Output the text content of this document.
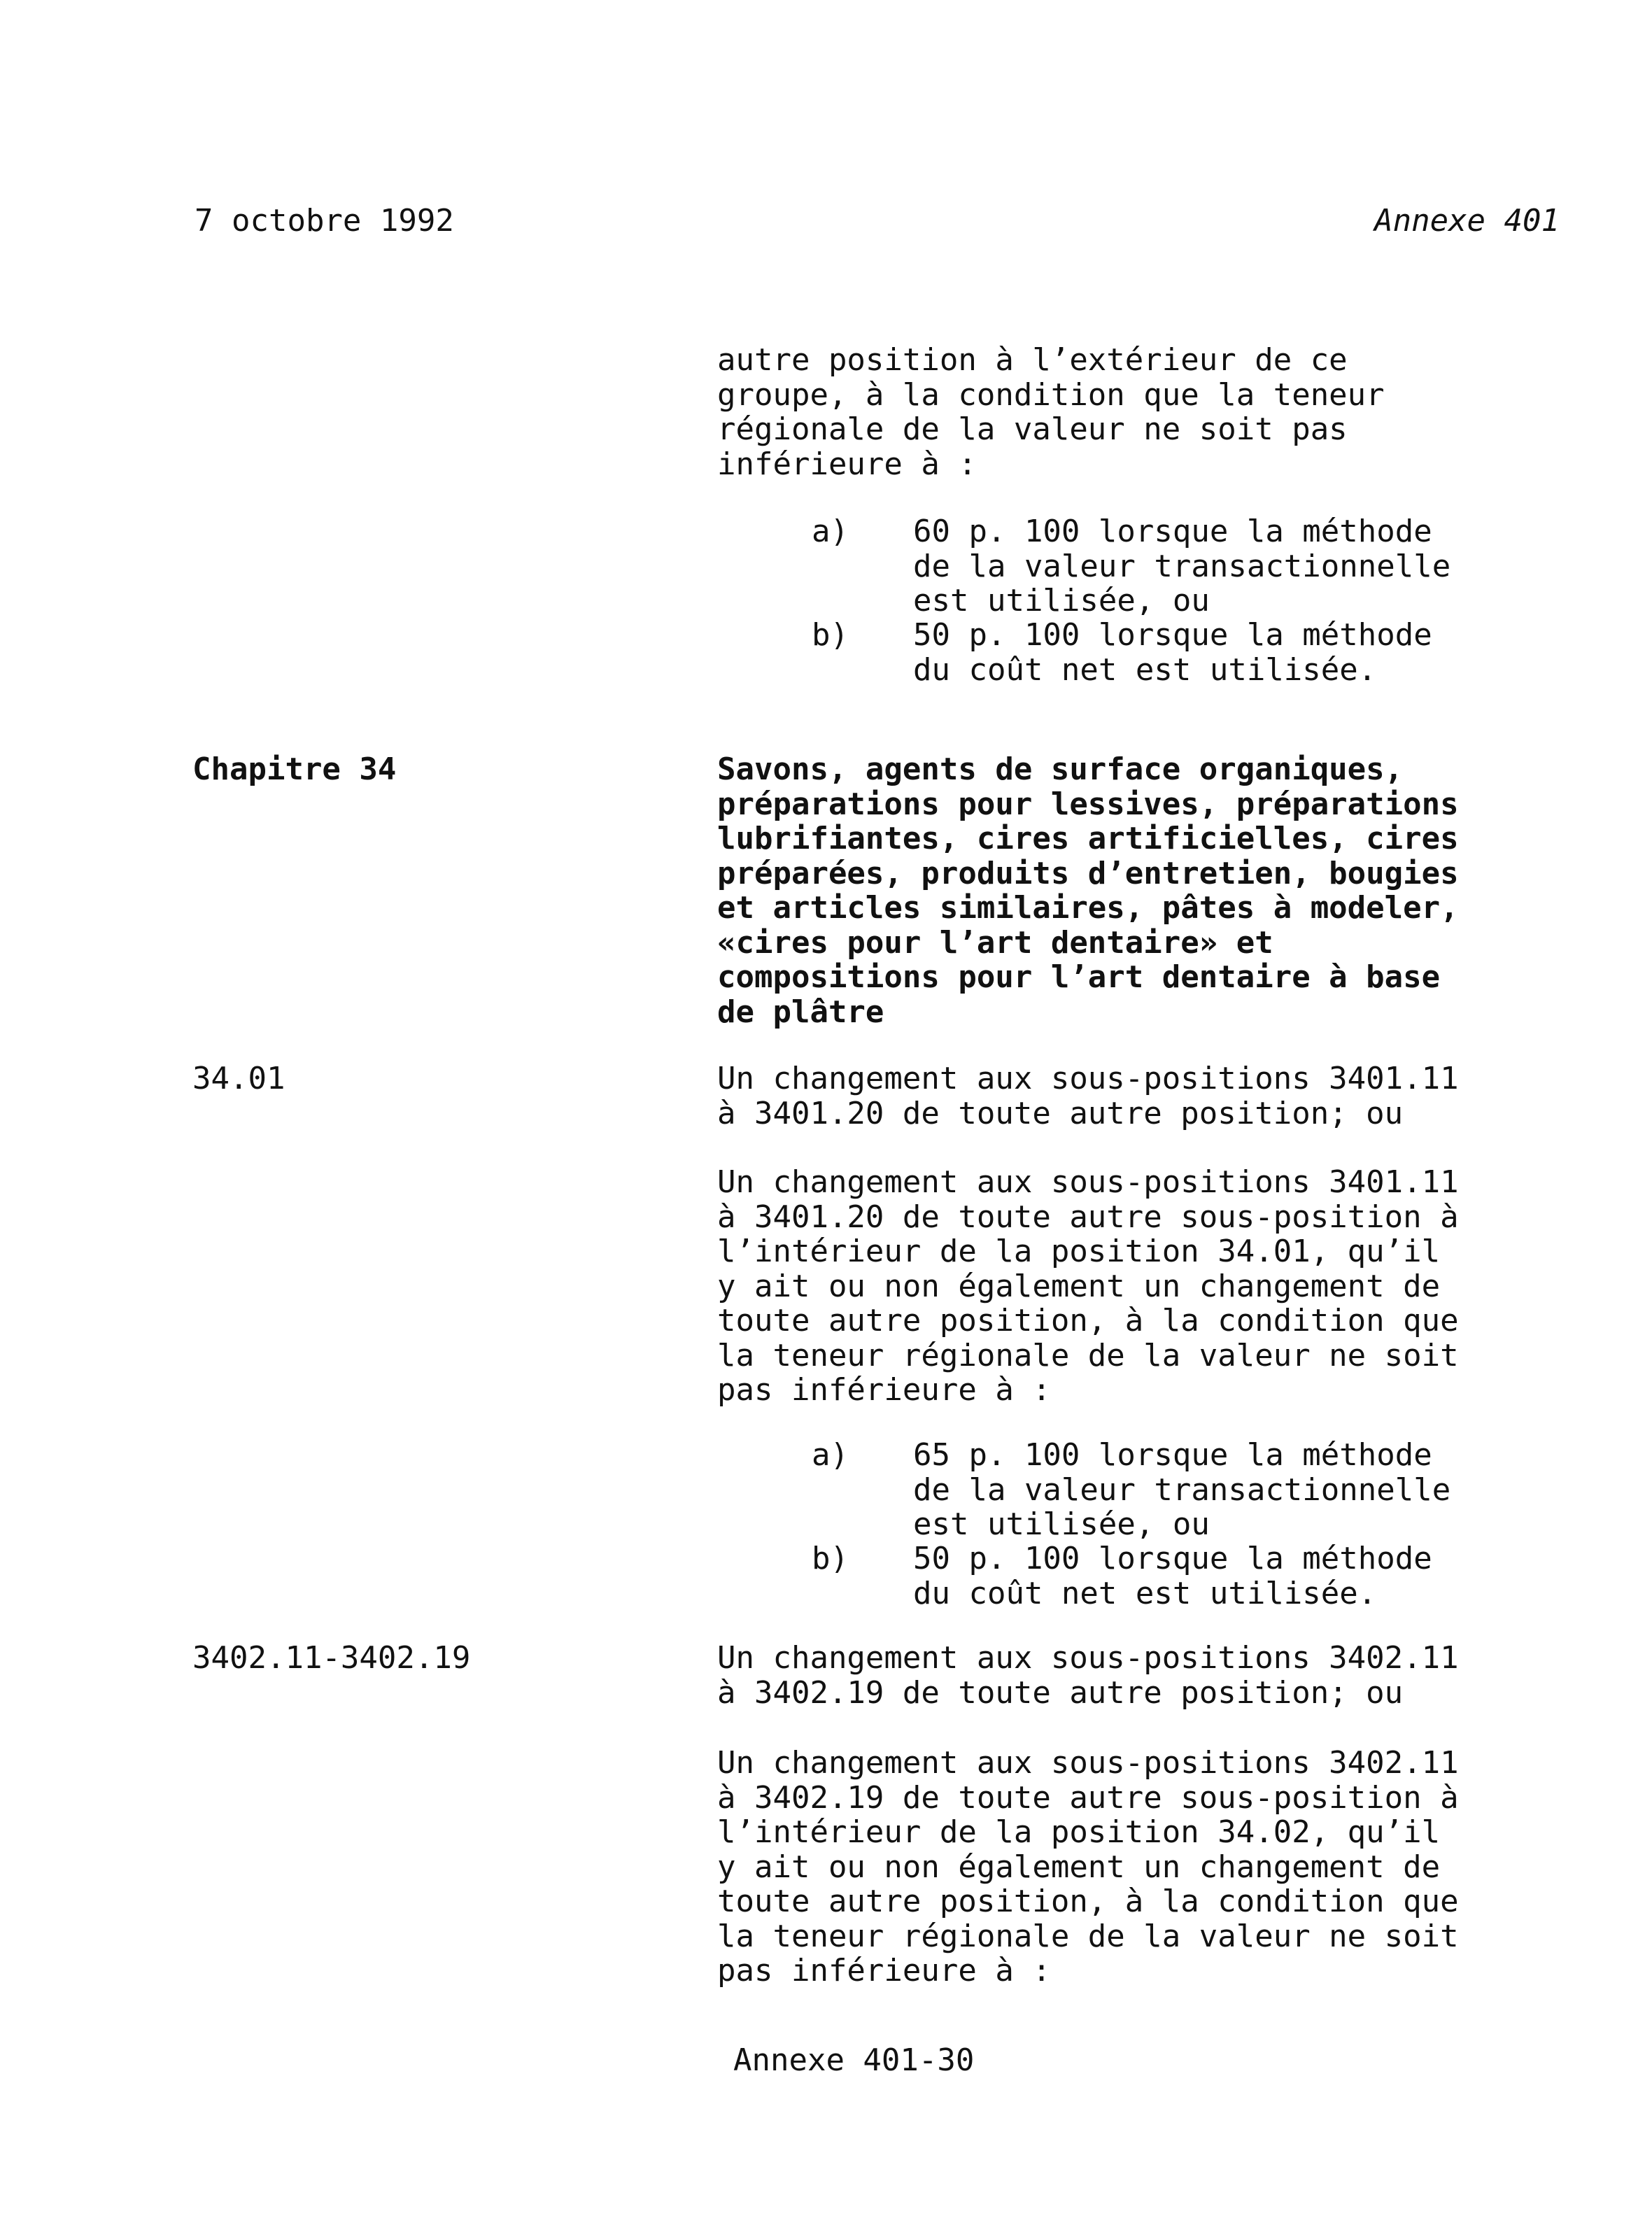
7 octobre 1992	Annexe 401
autre position à l’extérieur de ce
groupe, à la condition que la teneur
régionale de la valeur ne soit pas
inférieure à :
a) 60 p. 100 lorsque la méthode
de la valeur transactionnelle
est utilisée, ou
b) 50 p. 100 lorsque la méthode
du coût net est utilisée.
Chapitre 34	Savons, agents de surface organiques,
préparations pour lessives, préparations
lubrifiantes, cires artificielles, cires
préparées, produits d’entretien, bougies
et articles similaires, pâtes à modeler,
«cires pour l’art dentaire» et
compositions pour l’art dentaire à base
de plâtre
34.01	Un changement aux sous-positions 3401.11
à 3401.20 de toute autre position; ou
Un changement aux sous-positions 3401.11
à 3401.20 de toute autre sous-position à
l’intérieur de la position 34.01, qu’il
y ait ou non également un changement de
toute autre position, à la condition que
la teneur régionale de la valeur ne soit
pas inférieure à :
a) 65 p. 100 lorsque la méthode
de la valeur transactionnelle
est utilisée, ou
b) 50 p. 100 lorsque la méthode
du coût net est utilisée.
3402.11-3402.19	Un changement aux sous-positions 3402.11
à 3402.19 de toute autre position; ou
Un changement aux sous-positions 3402.11
à 3402.19 de toute autre sous-position à
l’intérieur de la position 34.02, qu’il
y ait ou non également un changement de
toute autre position, à la condition que
la teneur régionale de la valeur ne soit
pas inférieure à :
Annexe 401-30
